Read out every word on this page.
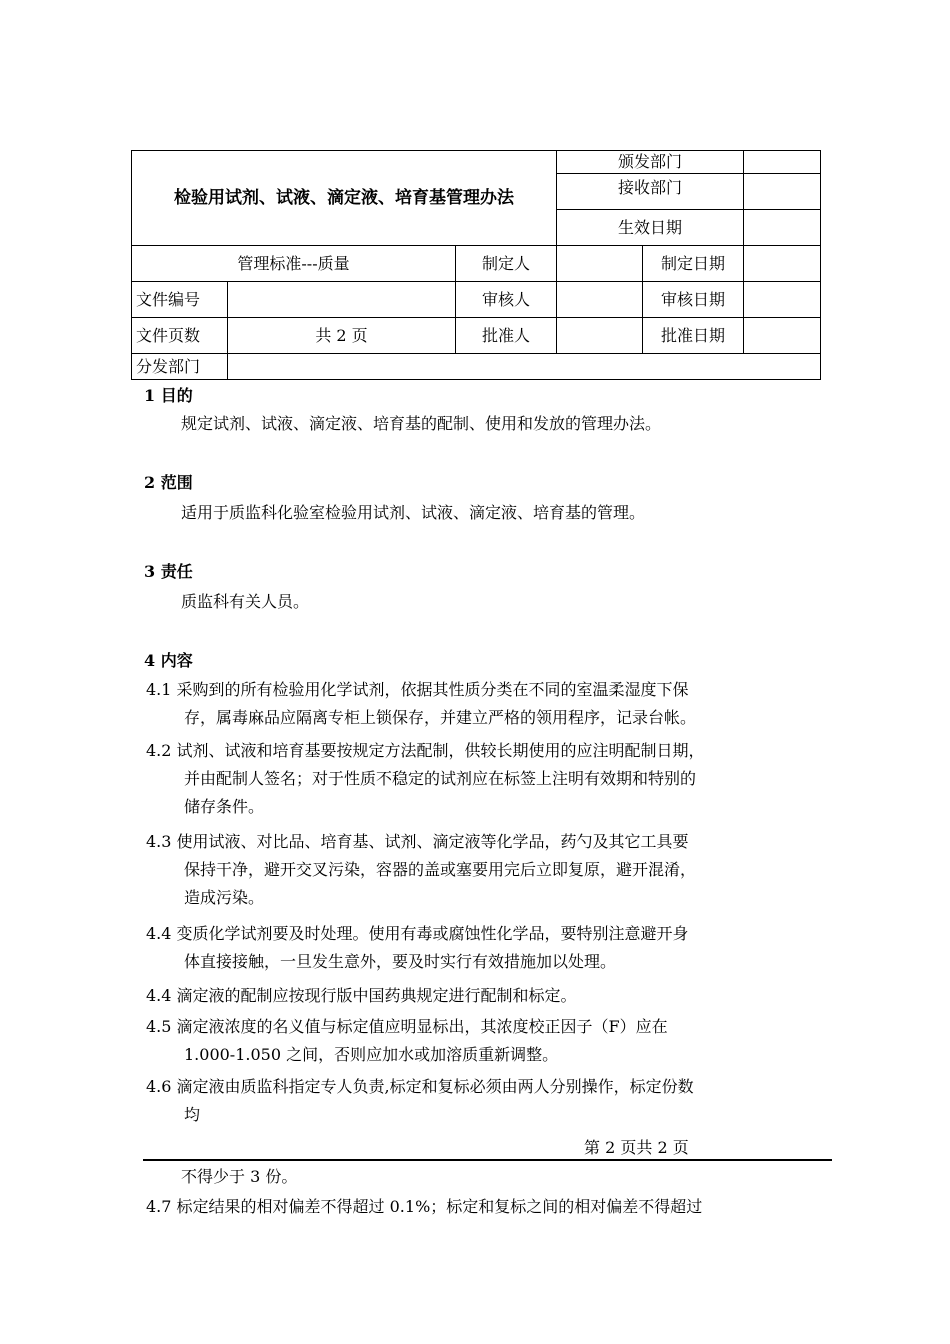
检验用试剂、试液、滴定液、培育基管理办法			颁发部门		
			接收部门		
			生效日期		
管理标准---质量		制定人		制定日期	
文件编号		审核人		审核日期	
文件页数	共 2 页	批准人		批准日期	
分发部门					
1 目的
规定试剂、试液、滴定液、培育基的配制、使用和发放的管理办法。
2 范围
适用于质监科化验室检验用试剂、试液、滴定液、培育基的管理。
3 责任
质监科有关人员。
4 内容
4.1 采购到的所有检验用化学试剂，依据其性质分类在不同的室温柔湿度下保
存，属毒麻品应隔离专柜上锁保存，并建立严格的领用程序，记录台帐。
4.2 试剂、试液和培育基要按规定方法配制，供较长期使用的应注明配制日期，
并由配制人签名；对于性质不稳定的试剂应在标签上注明有效期和特别的
储存条件。
4.3 使用试液、对比品、培育基、试剂、滴定液等化学品，药勺及其它工具要
保持干净，避开交叉污染，容器的盖或塞要用完后立即复原，避开混淆，
造成污染。
4.4 变质化学试剂要及时处理。使用有毒或腐蚀性化学品，要特别注意避开身
体直接接触，一旦发生意外，要及时实行有效措施加以处理。
4.4 滴定液的配制应按现行版中国药典规定进行配制和标定。
4.5 滴定液浓度的名义值与标定值应明显标出，其浓度校正因子（F）应在
1.000-1.050 之间，否则应加水或加溶质重新调整。
4.6 滴定液由质监科指定专人负责,标定和复标必须由两人分别操作，标定份数
均
第 2 页共 2 页
不得少于 3 份。
4.7 标定结果的相对偏差不得超过 0.1%；标定和复标之间的相对偏差不得超过
